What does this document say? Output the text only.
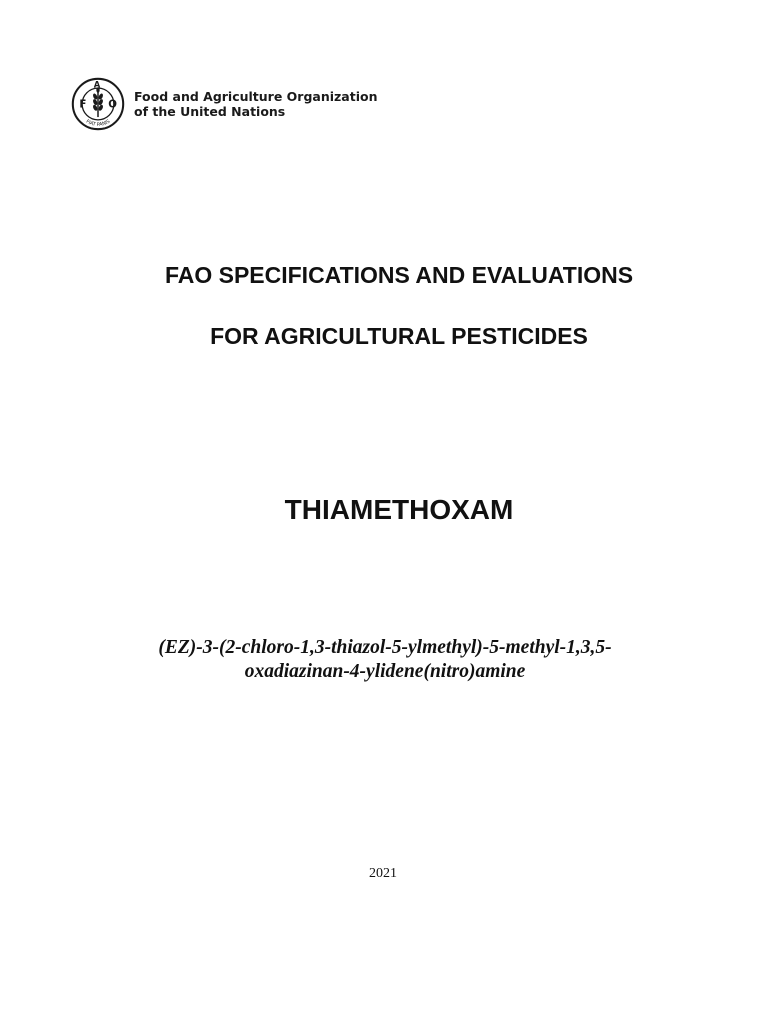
F
A
O
FIAT PANIS
Food and Agriculture Organization
of the United Nations
FAO SPECIFICATIONS AND EVALUATIONS
FOR AGRICULTURAL PESTICIDES
THIAMETHOXAM
(EZ)-3-(2-chloro-1,3-thiazol-5-ylmethyl)-5-methyl-1,3,5-
oxadiazinan-4-ylidene(nitro)amine
2021
